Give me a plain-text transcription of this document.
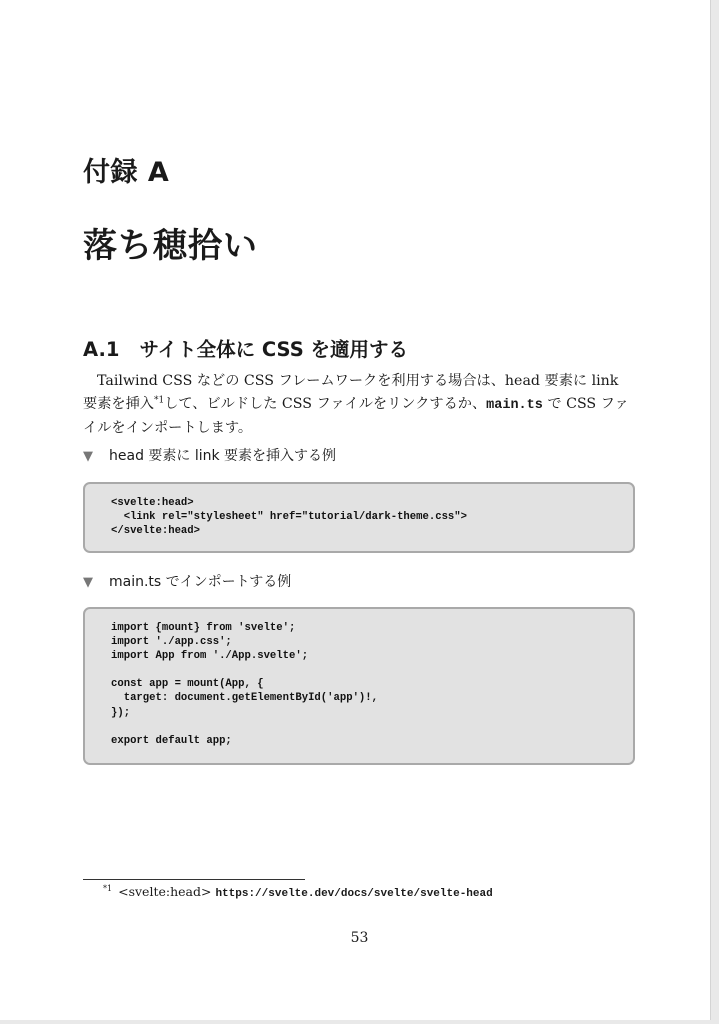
付録 A
落ち穂拾い
A.1 サイト全体に CSS を適用する

Tailwind CSS などの CSS フレームワークを利用する場合は、head 要素に link 要素を挿入$^{*1}$して、ビルドした CSS ファイルをリンクするか、main.ts で CSS ファイルをインポートします。

▼ head 要素に link 要素を挿入する例
<svelte:head>
<link rel="stylesheet" href="tutorial/dark-theme.css">
</svelte:head>
▼ main.ts でインポートする例
import {mount} from 'svelte';
import './app.css';
import App from './App.svelte';

const app = mount(App, {
target: document.getElementById('app')!,
});

export default app;
$^{*1}$ <svelte:head> https://svelte.dev/docs/svelte/svelte-head
53
